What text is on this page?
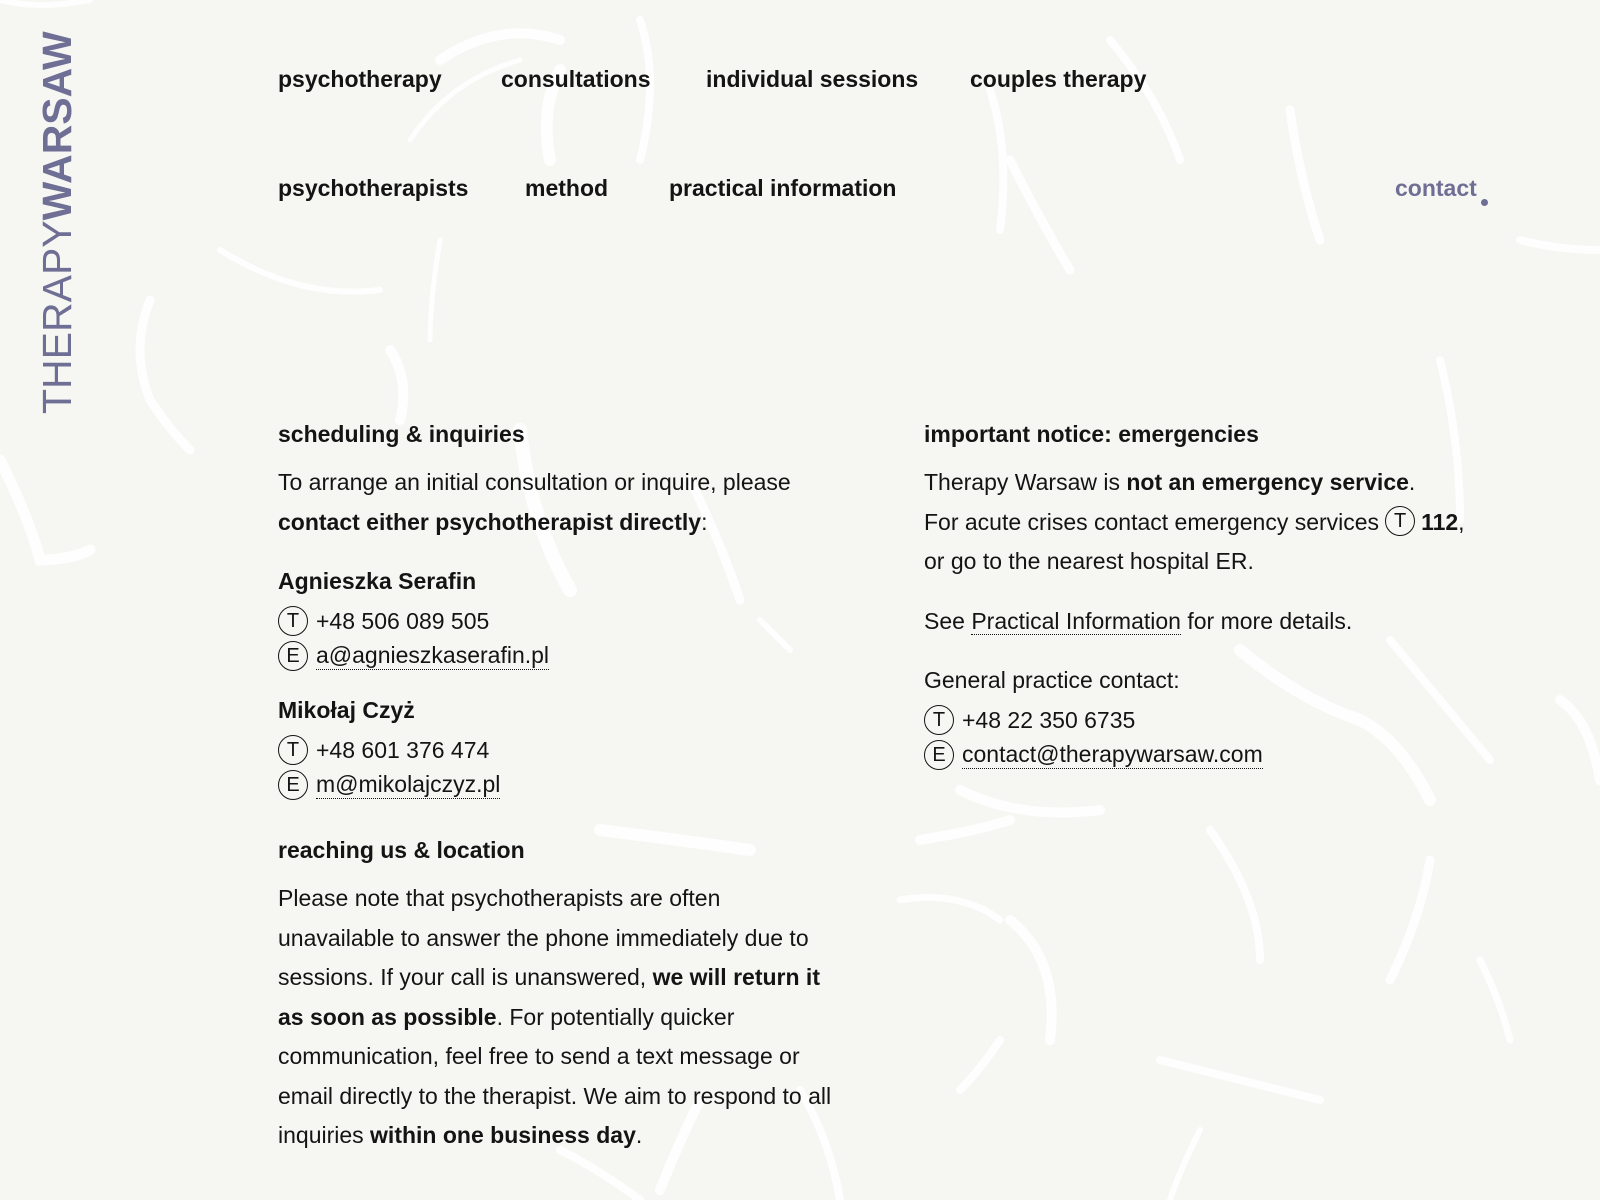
THERAPYWARSAW	psychotherapy	consultations individual sessions couples therapy
psychotherapists method	practical information	contact
scheduling & inquiries

To arrange an initial consultation or inquire, please
contact either psychotherapist directly:

Agnieszka Serafin
T +48 506 089 505
E a@agnieszkaserafin.pl
Mikołaj Czyż
T +48 601 376 474
E m@mikolajczyz.pl
reaching us & location

Please note that psychotherapists are often unavailable to answer the phone immediately due to sessions. If your call is unanswered, we will return it as soon as possible. For potentially quicker communication, feel free to send a text message or email directly to the therapist. We aim to respond to all inquiries within one business day.

important notice: emergencies

Therapy Warsaw is not an emergency service.
For acute crises contact emergency services T 112,
or go to the nearest hospital ER.

See Practical Information for more details.

General practice contact:
T +48 22 350 6735
E contact@therapywarsaw.com
